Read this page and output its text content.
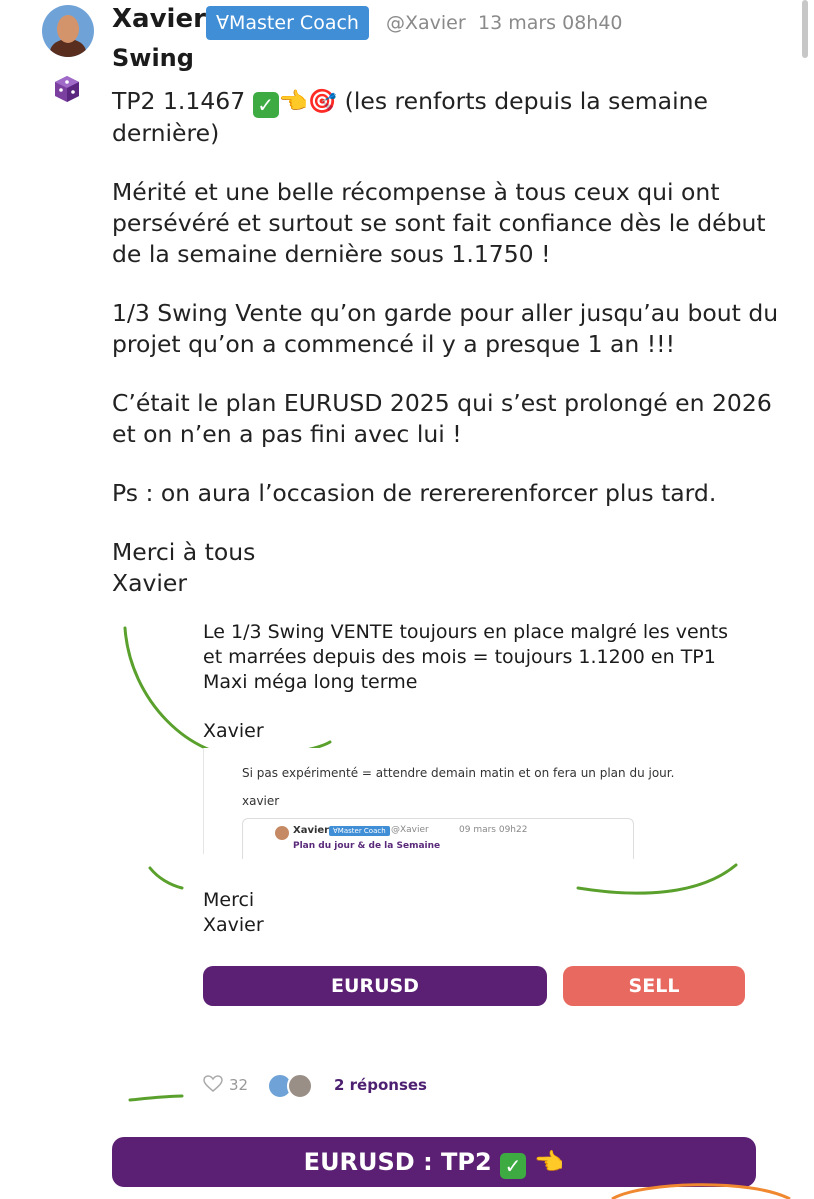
Xavier ∀Master Coach	@Xavier 13 mars 08h40
Swing

TP2 1.1467 ✓ 👈🎯 (les renforts depuis la semaine dernière)

Mérité et une belle récompense à tous ceux qui ont persévéré et surtout se sont fait confiance dès le début de la semaine dernière sous 1.1750 !

1/3 Swing Vente qu’on garde pour aller jusqu’au bout du projet qu’on a commencé il y a presque 1 an !!!

C’était le plan EURUSD 2025 qui s’est prolongé en 2026 et on n’en a pas fini avec lui !

Ps : on aura l’occasion de rerererenforcer plus tard.

Merci à tous
Xavier

Le 1/3 Swing VENTE toujours en place malgré les vents
et marrées depuis des mois = toujours 1.1200 en TP1
Maxi méga long terme

Xavier

Si pas expérimenté = attendre demain matin et on fera un plan du jour.
xavier
Xavier ∀Master Coach @Xavier	09 mars 09h22
Plan du jour & de la Semaine

Merci
Xavier

EURUSD	SELL
32	2 réponses
EURUSD : TP2 ✓ 👈
